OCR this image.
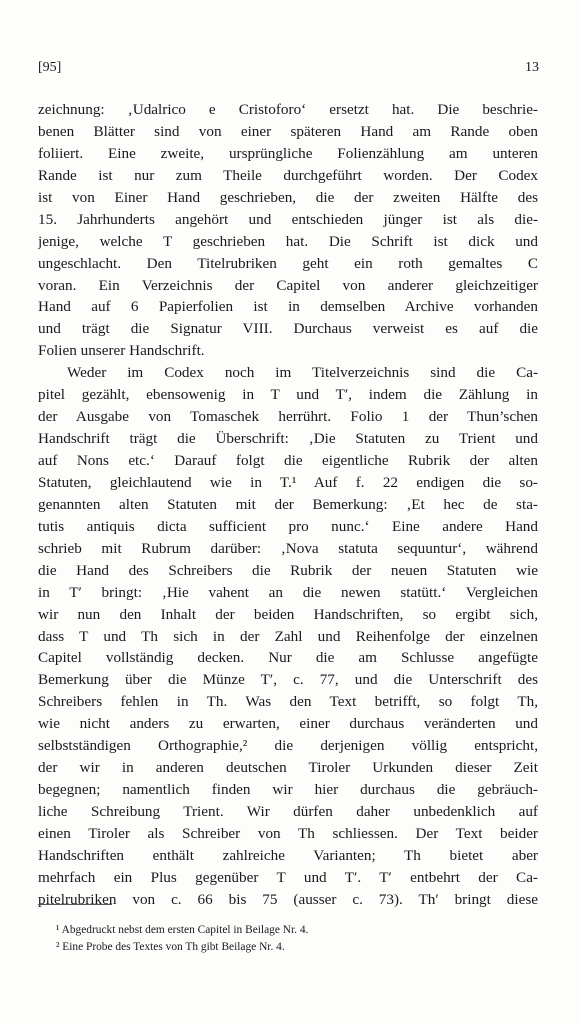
[95]	13
zeichnung: ‚Udalrico e Cristoforo‘ ersetzt hat. Die beschrie-
benen Blätter sind von einer späteren Hand am Rande oben
foliiert. Eine zweite, ursprüngliche Folienzählung am unteren
Rande ist nur zum Theile durchgeführt worden. Der Codex
ist von Einer Hand geschrieben, die der zweiten Hälfte des
15. Jahrhunderts angehört und entschieden jünger ist als die-
jenige, welche T geschrieben hat. Die Schrift ist dick und
ungeschlacht. Den Titelrubriken geht ein roth gemaltes C
voran. Ein Verzeichnis der Capitel von anderer gleichzeitiger
Hand auf 6 Papierfolien ist in demselben Archive vorhanden
und trägt die Signatur VIII. Durchaus verweist es auf die
Folien unserer Handschrift.
Weder im Codex noch im Titelverzeichnis sind die Ca-
pitel gezählt, ebensowenig in T und T′, indem die Zählung in
der Ausgabe von Tomaschek herrührt. Folio 1 der Thun’schen
Handschrift trägt die Überschrift: ‚Die Statuten zu Trient und
auf Nons etc.‘ Darauf folgt die eigentliche Rubrik der alten
Statuten, gleichlautend wie in T.¹ Auf f. 22 endigen die so-
genannten alten Statuten mit der Bemerkung: ‚Et hec de sta-
tutis antiquis dicta sufficient pro nunc.‘ Eine andere Hand
schrieb mit Rubrum darüber: ‚Nova statuta sequuntur‘, während
die Hand des Schreibers die Rubrik der neuen Statuten wie
in T′ bringt: ‚Hie vahent an die newen statütt.‘ Vergleichen
wir nun den Inhalt der beiden Handschriften, so ergibt sich,
dass T und Th sich in der Zahl und Reihenfolge der einzelnen
Capitel vollständig decken. Nur die am Schlusse angefügte
Bemerkung über die Münze T′, c. 77, und die Unterschrift des
Schreibers fehlen in Th. Was den Text betrifft, so folgt Th,
wie nicht anders zu erwarten, einer durchaus veränderten und
selbstständigen Orthographie,² die derjenigen völlig entspricht,
der wir in anderen deutschen Tiroler Urkunden dieser Zeit
begegnen; namentlich finden wir hier durchaus die gebräuch-
liche Schreibung Trient. Wir dürfen daher unbedenklich auf
einen Tiroler als Schreiber von Th schliessen. Der Text beider
Handschriften enthält zahlreiche Varianten; Th bietet aber
mehrfach ein Plus gegenüber T und T′. T′ entbehrt der Ca-
pitelrubriken von c. 66 bis 75 (ausser c. 73). Th′ bringt diese
¹ Abgedruckt nebst dem ersten Capitel in Beilage Nr. 4.
² Eine Probe des Textes von Th gibt Beilage Nr. 4.
